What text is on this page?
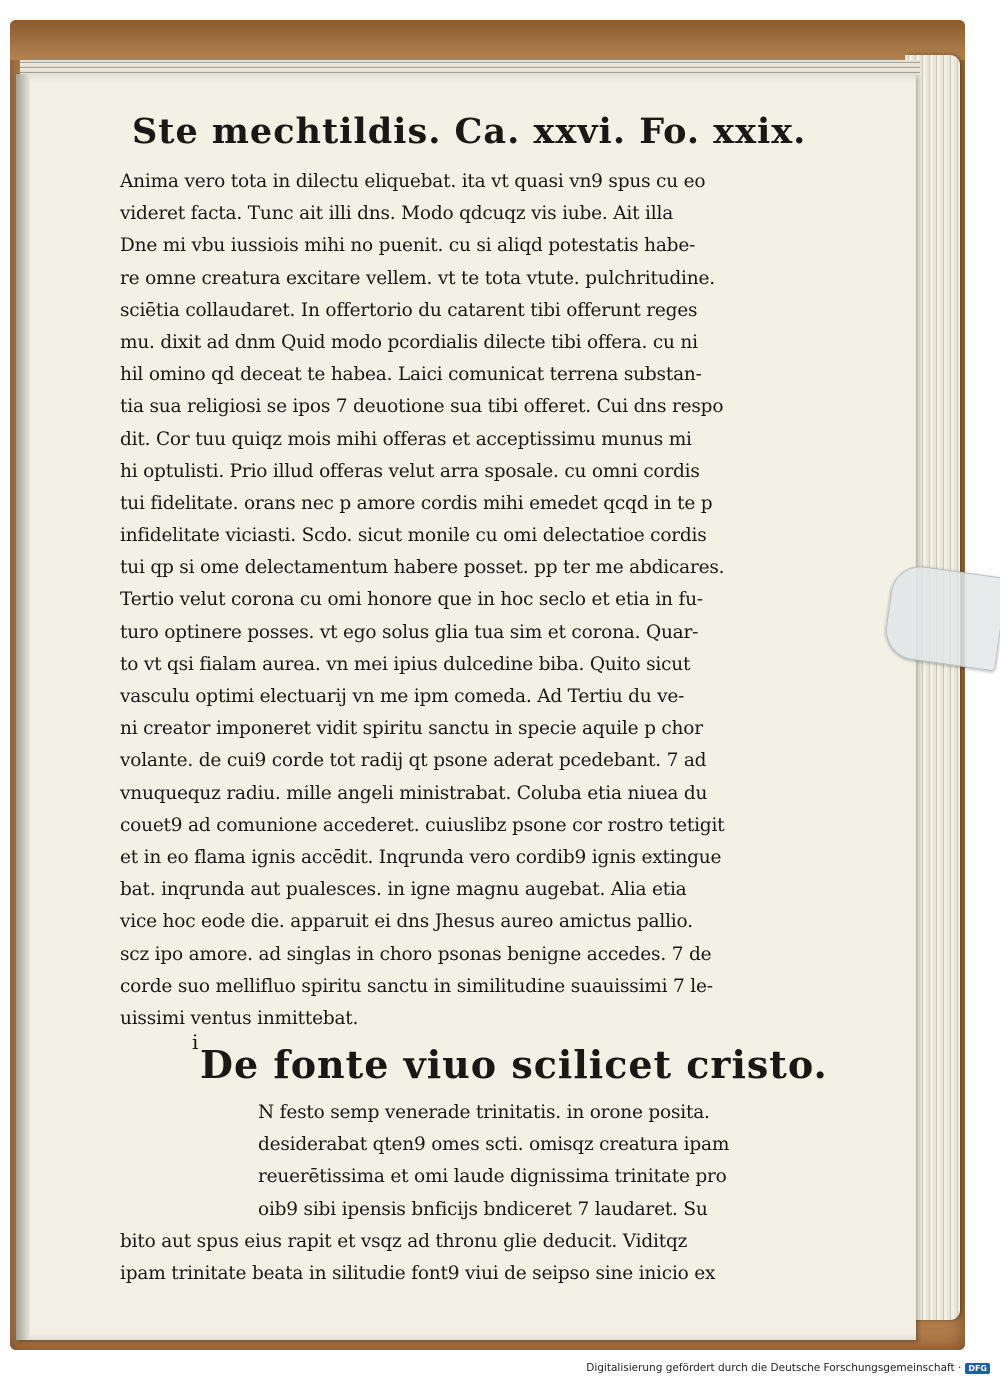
Ste mechtildis. Ca. xxvi. Fo. xxix.
Anima vero tota in dilectu eliquebat. ita vt quasi vn9 spus cu eo
videret facta. Tunc ait illi dns. Modo qdcuqz vis iube. Ait illa
Dne mi vbu iussiois mihi no puenit. cu si aliqd potestatis habe-
re omne creatura excitare vellem. vt te tota vtute. pulchritudine.
sciētia collaudaret. In offertorio du catarent tibi offerunt reges
mu. dixit ad dnm Quid modo pcordialis dilecte tibi offera. cu ni
hil omino qd deceat te habea. Laici comunicat terrena substan-
tia sua religiosi se ipos 7 deuotione sua tibi offeret. Cui dns respo
dit. Cor tuu quiqz mois mihi offeras et acceptissimu munus mi
hi optulisti. Prio illud offeras velut arra sposale. cu omni cordis
tui fidelitate. orans nec p amore cordis mihi emedet qcqd in te p
infidelitate viciasti. Scdo. sicut monile cu omi delectatioe cordis
tui qp si ome delectamentum habere posset. pp ter me abdicares.
Tertio velut corona cu omi honore que in hoc seclo et etia in fu-
turo optinere posses. vt ego solus glia tua sim et corona. Quar-
to vt qsi fialam aurea. vn mei ipius dulcedine biba. Quito sicut
vasculu optimi electuarij vn me ipm comeda. Ad Tertiu du ve-
ni creator imponeret vidit spiritu sanctu in specie aquile p chor
volante. de cui9 corde tot radij qt psone aderat pcedebant. 7 ad
vnuquequz radiu. mille angeli ministrabat. Coluba etia niuea du
couet9 ad comunione accederet. cuiuslibz psone cor rostro tetigit
et in eo flama ignis accēdit. Inqrunda vero cordib9 ignis extingue
bat. inqrunda aut pualesces. in igne magnu augebat. Alia etia
vice hoc eode die. apparuit ei dns Jhesus aureo amictus pallio.
scz ipo amore. ad singlas in choro psonas benigne accedes. 7 de
corde suo mellifluo spiritu sanctu in similitudine suauissimi 7 le-
uissimi ventus inmittebat.
De fonte viuo scilicet cristo.
N festo semp venerade trinitatis. in orone posita.
desiderabat qten9 omes scti. omisqz creatura ipam
reuerētissima et omi laude dignissima trinitate pro
oib9 sibi ipensis bnficijs bndiceret 7 laudaret. Su
bito aut spus eius rapit et vsqz ad thronu glie deducit. Viditqz
ipam trinitate beata in silitudie font9 viui de seipso sine inicio ex
i
Digitalisierung gefördert durch die Deutsche Forschungsgemeinschaft · DFG
